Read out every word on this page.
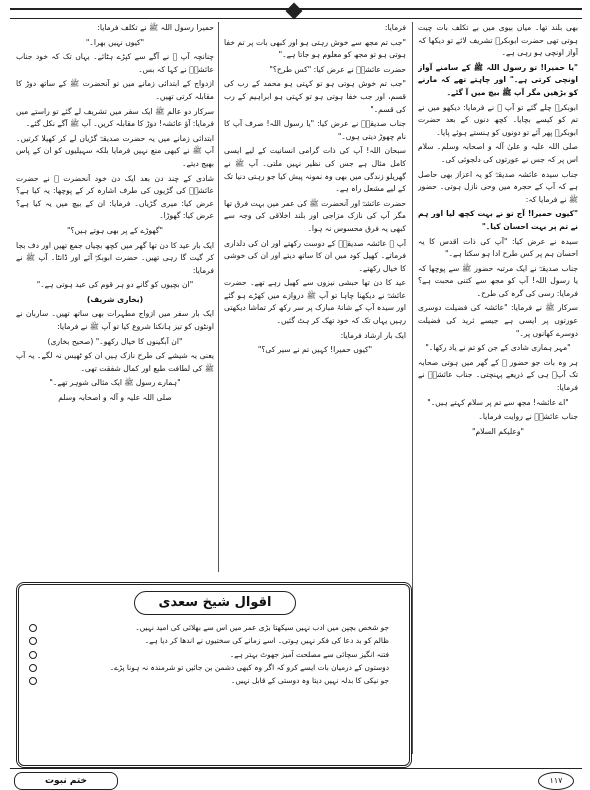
بھی بلند تھا۔ میاں بیوی میں بے تکلف بات چیت ہوتی تھی حضرت ابوبکرؓ تشریف لائے تو دیکھا کہ آواز اونچی ہو رہی ہے۔

"یا حمیرا! تو رسول اللہ ﷺ کے سامنے آواز اونچی کرتی ہے۔" اور چاہتے تھے کہ مارنے کو بڑھیں مگر آپ ﷺ بیچ میں آ گئے۔

ابوبکرؓ چلے گئے تو آپ ﷺ نے فرمایا: دیکھو میں نے تم کو کیسے بچایا۔ کچھ دنوں کے بعد حضرت ابوبکرؓ پھر آئے تو دونوں کو ہنستے ہوئے پایا۔

صلی اللہ علیہ و علیٰ آلہ و اصحابہ وسلم۔ سلام اس پر کہ جس نے عورتوں کی دلجوئی کی۔

جناب سیدہ عائشہ صدیقہؓ کو یہ اعزاز بھی حاصل ہے کہ آپ کے حجرہ میں وحی نازل ہوتی۔ حضور ﷺ نے فرمایا کہ:

"کیوں حمیرا! آج تو نے بہت کچھ لیا اور ہم نے تم پر بہت احسان کیا۔"

سیدہ نے عرض کیا: "آپ کی ذات اقدس کا یہ احسان ہم پر کس طرح ادا ہو سکتا ہے۔"

جناب صدیقہؓ نے ایک مرتبہ حضور ﷺ سے پوچھا کہ یا رسول اللہ! آپ کو مجھ سے کتنی محبت ہے؟ فرمایا: رسی کی گرہ کی طرح۔

سرکار ﷺ نے فرمایا: "عائشہ کی فضیلت دوسری عورتوں پر ایسی ہے جیسے ثرید کی فضیلت دوسرے کھانوں پر۔"

"مہر ہماری شادی کے جن کو تم نے یاد رکھا۔"

ہر وہ بات جو حضور ﷺ کے گھر میں ہوتی صحابہ تک آپؓ ہی کے ذریعے پہنچتی۔ جناب عائشہؓ نے فرمایا:

"اے عائشہ! مجھ سے تم پر سلام کہتے ہیں۔"

جناب عائشہؓ نے روایت فرمایا۔

"وعلیکم السلام"

فرمایا:

"جب تم مجھ سے خوش رہتی ہو اور کبھی بات پر تم خفا ہوتی ہو تو مجھ کو معلوم ہو جاتا ہے۔"

حضرت عائشہؓ نے عرض کیا: "کس طرح؟"

"جب تم خوش ہوتی ہو تو کہتی ہو محمد کے رب کی قسم، اور جب خفا ہوتی ہو تو کہتی ہو ابراہیم کے رب کی قسم۔"

جناب صدیقہؓ نے عرض کیا: "یا رسول اللہ! صرف آپ کا نام چھوڑ دیتی ہوں۔"

سبحان اللہ! آپ کی ذات گرامی انسانیت کے لیے ایسی کامل مثال ہے جس کی نظیر نہیں ملتی۔ آپ ﷺ نے گھریلو زندگی میں بھی وہ نمونہ پیش کیا جو رہتی دنیا تک کے لیے مشعل راہ ہے۔

حضرت عائشہؓ اور آنحضرت ﷺ کی عمر میں بہت فرق تھا مگر آپ کی نازک مزاجی اور بلند اخلاقی کی وجہ سے کبھی یہ فرق محسوس نہ ہوا۔

آپ ﷺ عائشہ صدیقہؓ کے دوست رکھتے اور ان کی دلداری فرماتے۔ کھیل کود میں ان کا ساتھ دیتے اور ان کی خوشی کا خیال رکھتے۔

عید کا دن تھا حبشی نیزوں سے کھیل رہے تھے۔ حضرت عائشہؓ نے دیکھنا چاہا تو آپ ﷺ دروازے میں کھڑے ہو گئے اور سیدہ آپ کے شانۂ مبارک پر سر رکھ کر تماشا دیکھتی رہیں یہاں تک کہ خود تھک کر ہٹ گئیں۔

ایک بار ارشاد فرمایا:

"کیوں حمیرا! کہیں تم نے سیر کی؟"

حمیرا رسول اللہ ﷺ نے تکلف فرمایا:

"کیوں نہیں بھرا۔"

چنانچہ آپ ﷺ نے آگے سے کپڑے ہٹائے۔ یہاں تک کہ خود جناب عائشہؓ نے کہا کہ بس۔

ازدواج کے ابتدائی زمانے میں تو آنحضرت ﷺ کے ساتھ دوڑ کا مقابلہ کرتی تھیں۔

سرکار دو عالم ﷺ ایک سفر میں تشریف لے گئے تو راستے میں فرمایا: آؤ عائشہ! دوڑ کا مقابلہ کریں۔ آپ ﷺ آگے نکل گئے۔

ابتدائی زمانے میں یہ حضرت صدیقہؓ گڑیاں لے کر کھیلا کرتیں۔ آپ ﷺ نے کبھی منع نہیں فرمایا بلکہ سہیلیوں کو ان کے پاس بھیج دیتے۔

شادی کے چند دن بعد ایک دن خود آنحضرت ﷺ نے حضرت عائشہؓ کی گڑیوں کی طرف اشارہ کر کے پوچھا: یہ کیا ہے؟ عرض کیا: میری گڑیاں۔ فرمایا: ان کے بیچ میں یہ کیا ہے؟ عرض کیا: گھوڑا۔

"گھوڑے کے پر بھی ہوتے ہیں؟"

ایک بار عید کا دن تھا گھر میں کچھ بچیاں جمع تھیں اور دف بجا کر گیت گا رہی تھیں۔ حضرت ابوبکرؓ آئے اور ڈانٹا۔ آپ ﷺ نے فرمایا:

"ان بچیوں کو گانے دو ہر قوم کی عید ہوتی ہے۔"

(بخاری شریف)

ایک بار سفر میں ازواج مطہرات بھی ساتھ تھیں۔ ساربان نے اونٹوں کو تیز ہانکنا شروع کیا تو آپ ﷺ نے فرمایا:

"ان آبگینوں کا خیال رکھو۔" (صحیح بخاری)

یعنی یہ شیشے کی طرح نازک ہیں ان کو ٹھیس نہ لگے۔ یہ آپ ﷺ کی لطافت طبع اور کمال شفقت تھی۔

"ہمارے رسول ﷺ ایک مثالی شوہر تھے۔"

صلی اللہ علیہ و آلہ و اصحابہ وسلم

اقوال شیخ سعدی
جو شخص بچپن میں ادب نہیں سیکھتا بڑی عمر میں اس سے بھلائی کی امید نہیں۔
ظالم کو بد دعا کی فکر نہیں ہوتی۔ اسے زمانے کی سختیوں نے اندھا کر دیا ہے۔
فتنہ انگیز سچائی سے مصلحت آمیز جھوٹ بہتر ہے۔
دوستوں کے درمیان بات ایسے کرو کہ اگر وہ کبھی دشمن بن جائیں تو شرمندہ نہ ہونا پڑے۔
جو نیکی کا بدلہ نہیں دیتا وہ دوستی کے قابل نہیں۔
ختم نبوت	۱۱۷
